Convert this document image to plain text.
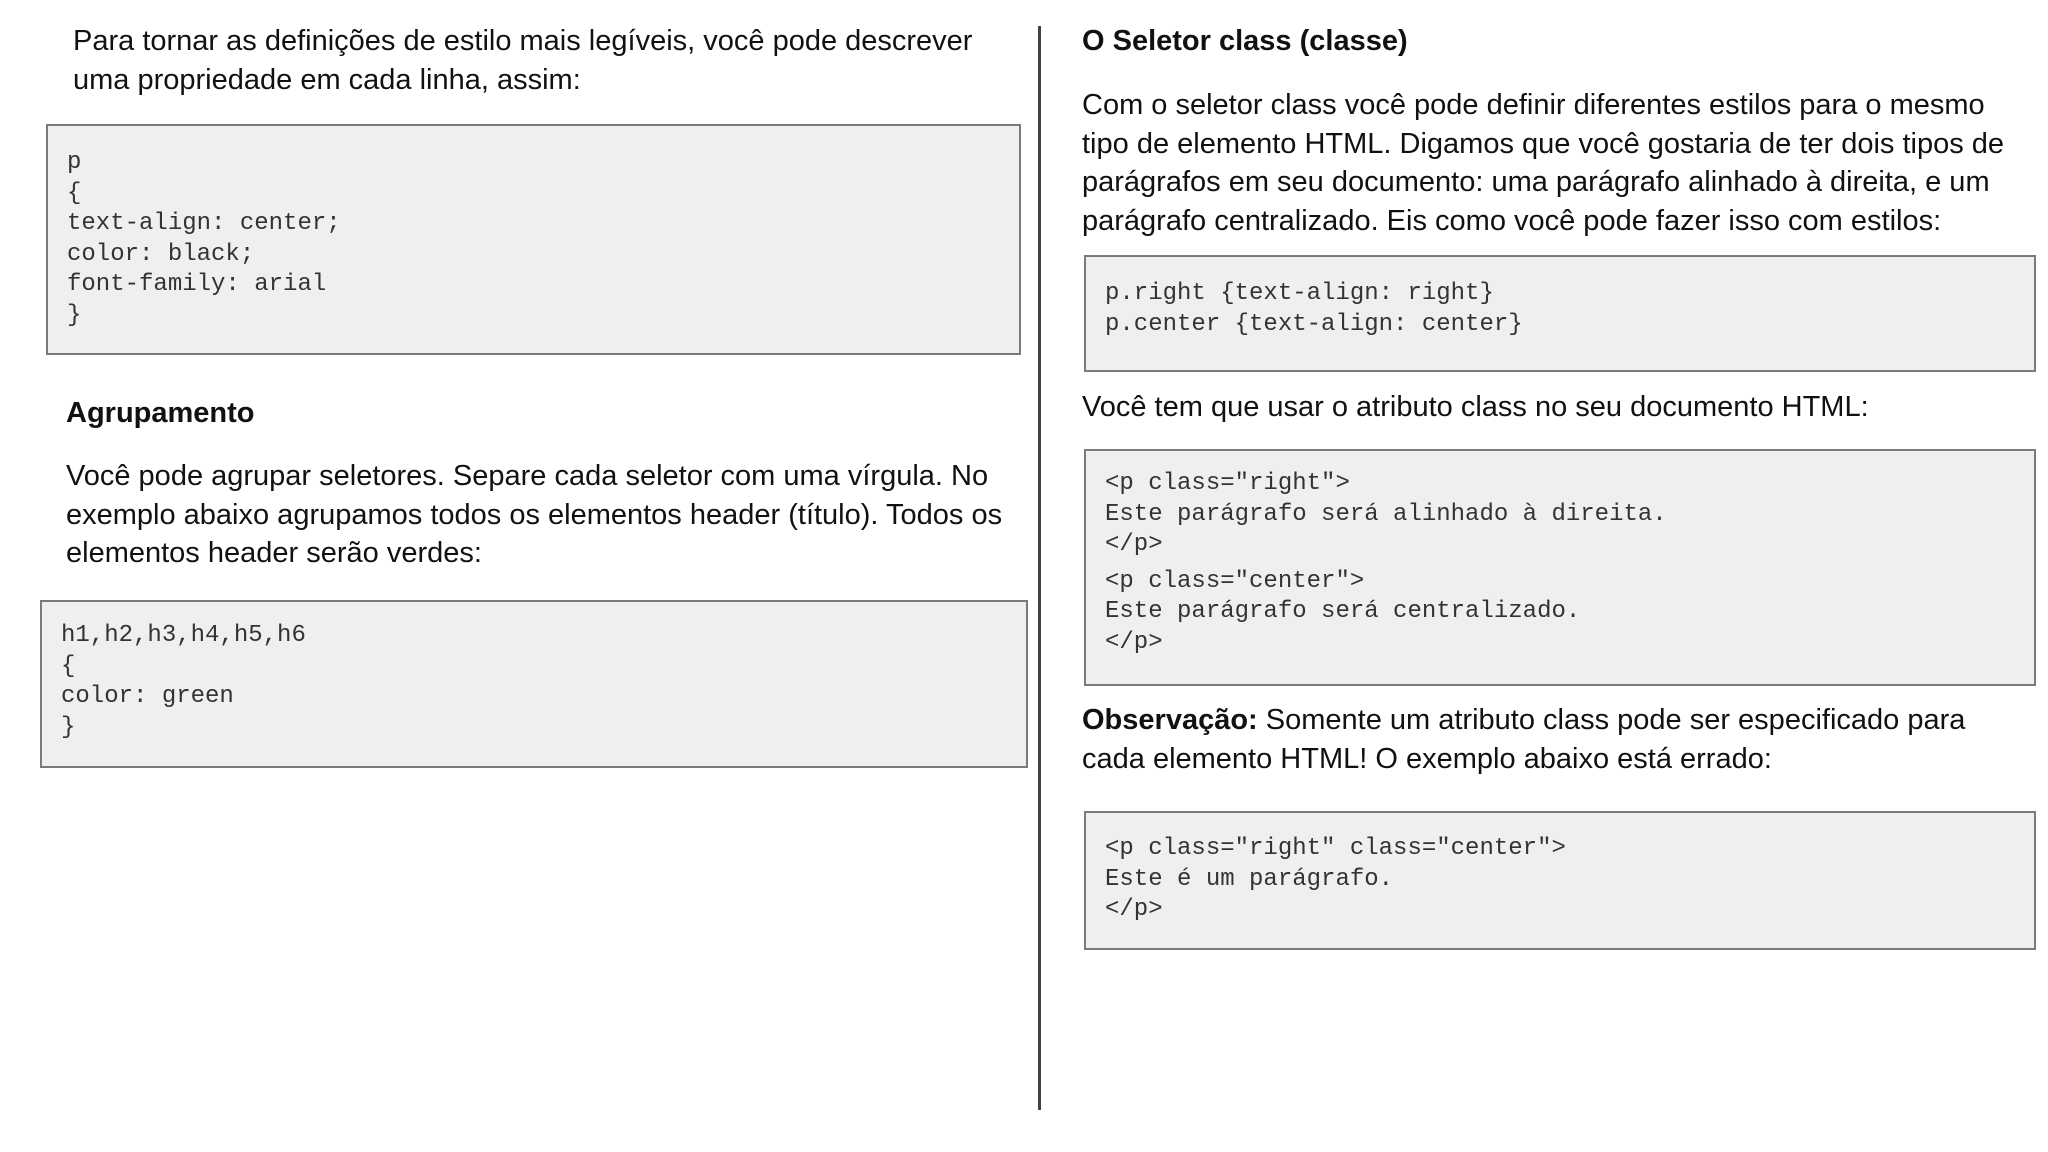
Para tornar as definições de estilo mais legíveis, você pode descrever

uma propriedade em cada linha, assim:

p
{
text-align: center;
color: black;
font-family: arial
}

Agrupamento

Você pode agrupar seletores. Separe cada seletor com uma vírgula. No

exemplo abaixo agrupamos todos os elementos header (título). Todos os

elementos header serão verdes:

h1,h2,h3,h4,h5,h6
{
color: green
}

O Seletor class (classe)

Com o seletor class você pode definir diferentes estilos para o mesmo

tipo de elemento HTML. Digamos que você gostaria de ter dois tipos de

parágrafos em seu documento: uma parágrafo alinhado à direita, e um

parágrafo centralizado. Eis como você pode fazer isso com estilos:

p.right {text-align: right}
p.center {text-align: center}

Você tem que usar o atributo class no seu documento HTML:

<p class="right">
Este parágrafo será alinhado à direita.
</p>
<p class="center">
Este parágrafo será centralizado.
</p>

Observação: Somente um atributo class pode ser especificado para

cada elemento HTML! O exemplo abaixo está errado:

<p class="right" class="center">
Este é um parágrafo.
</p>
